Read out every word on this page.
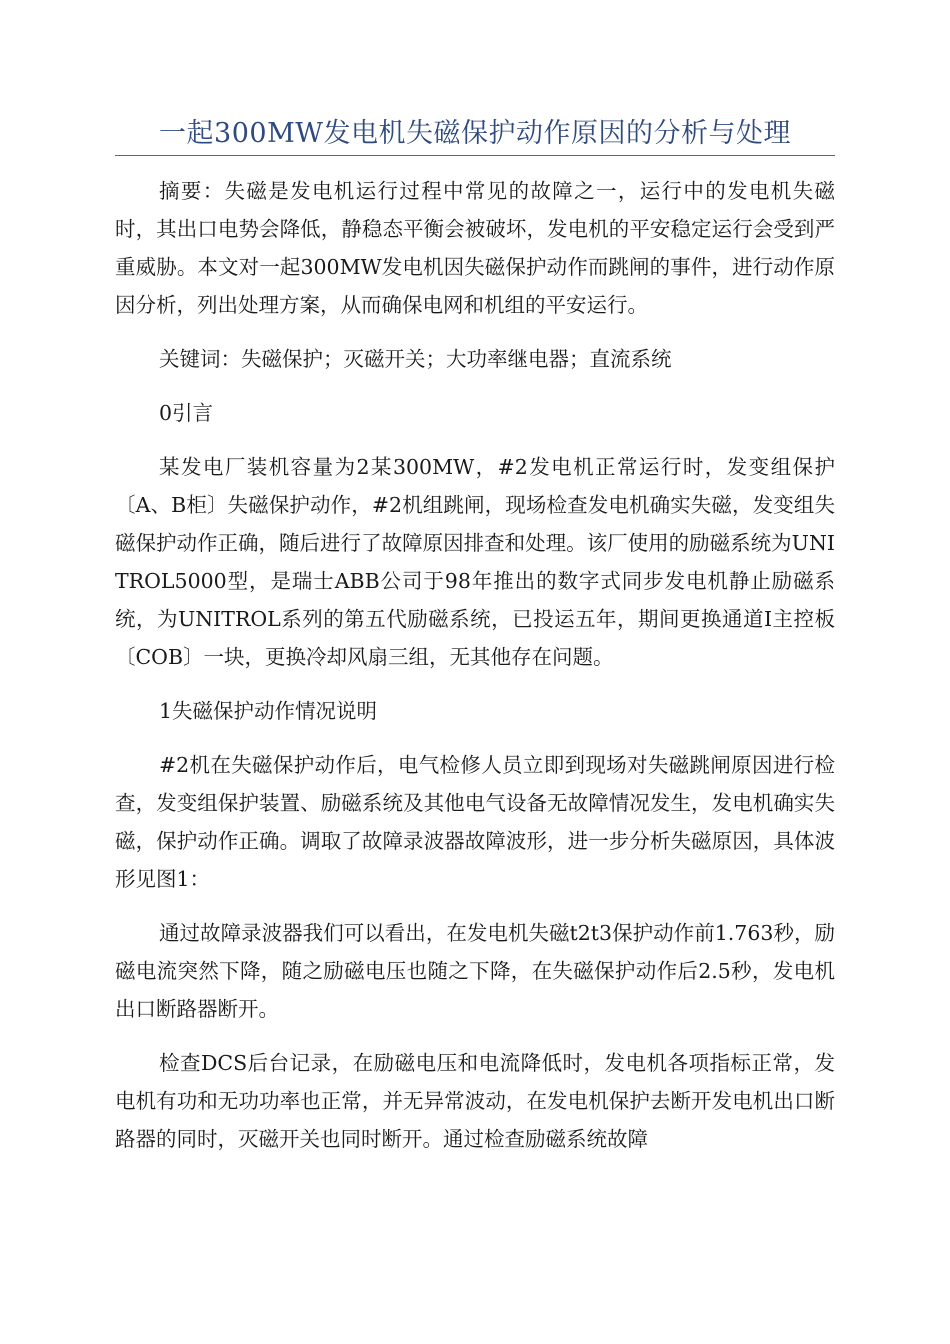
一起300MW发电机失磁保护动作原因的分析与处理

摘要：失磁是发电机运行过程中常见的故障之一，运行中的发电机失磁时，其出口电势会降低，静稳态平衡会被破坏，发电机的平安稳定运行会受到严重威胁。本文对一起300MW发电机因失磁保护动作而跳闸的事件，进行动作原因分析，列出处理方案，从而确保电网和机组的平安运行。

关键词：失磁保护；灭磁开关；大功率继电器；直流系统

0引言

某发电厂装机容量为2某300MW，#2发电机正常运行时，发变组保护〔A、B柜〕失磁保护动作，#2机组跳闸，现场检查发电机确实失磁，发变组失磁保护动作正确，随后进行了故障原因排查和处理。该厂使用的励磁系统为UNITROL5000型，是瑞士ABB公司于98年推出的数字式同步发电机静止励磁系统，为UNITROL系列的第五代励磁系统，已投运五年，期间更换通道I主控板〔COB〕一块，更换冷却风扇三组，无其他存在问题。

1失磁保护动作情况说明

#2机在失磁保护动作后，电气检修人员立即到现场对失磁跳闸原因进行检查，发变组保护装置、励磁系统及其他电气设备无故障情况发生，发电机确实失磁，保护动作正确。调取了故障录波器故障波形，进一步分析失磁原因，具体波形见图1：

通过故障录波器我们可以看出，在发电机失磁t2t3保护动作前1.763秒，励磁电流突然下降，随之励磁电压也随之下降，在失磁保护动作后2.5秒，发电机出口断路器断开。

检查DCS后台记录，在励磁电压和电流降低时，发电机各项指标正常，发电机有功和无功功率也正常，并无异常波动，在发电机保护去断开发电机出口断路器的同时，灭磁开关也同时断开。通过检查励磁系统故障
